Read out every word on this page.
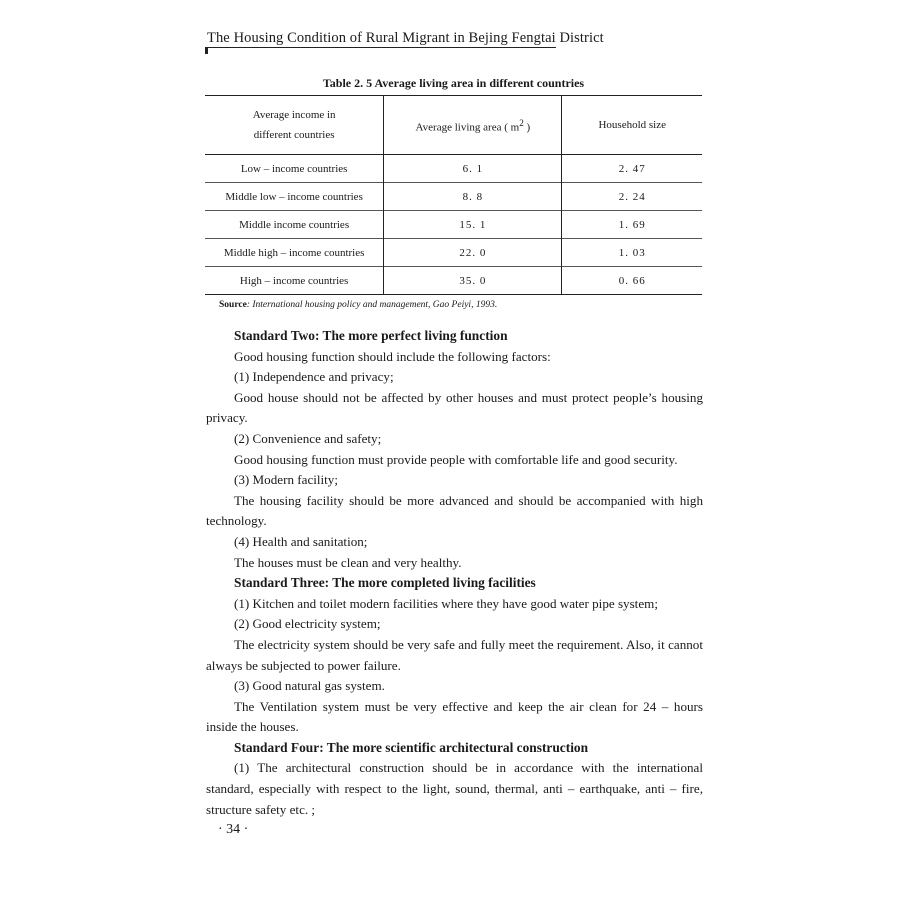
The Housing Condition of Rural Migrant in Bejing Fengtai District
Table 2. 5 Average living area in different countries
Average income in
different countries	Average living area ( $m^2$ )	Household size
Low – income countries	6. 1	2. 47
Middle low – income countries	8. 8	2. 24
Middle income countries	15. 1	1. 69
Middle high – income countries	22. 0	1. 03
High – income countries	35. 0	0. 66
Source: International housing policy and management, Gao Peiyi, 1993.

Standard Two: The more perfect living function

Good housing function should include the following factors:

(1) Independence and privacy;

Good house should not be affected by other houses and must protect people’s housing privacy.

(2) Convenience and safety;

Good housing function must provide people with comfortable life and good security.

(3) Modern facility;

The housing facility should be more advanced and should be accompanied with high technology.

(4) Health and sanitation;

The houses must be clean and very healthy.

Standard Three: The more completed living facilities

(1) Kitchen and toilet modern facilities where they have good water pipe system;

(2) Good electricity system;

The electricity system should be very safe and fully meet the requirement. Also, it cannot always be subjected to power failure.

(3) Good natural gas system.

The Ventilation system must be very effective and keep the air clean for 24 – hours inside the houses.

Standard Four: The more scientific architectural construction

(1) The architectural construction should be in accordance with the international standard, especially with respect to the light, sound, thermal, anti – earthquake, anti – fire, structure safety etc. ;

· 34 ·
